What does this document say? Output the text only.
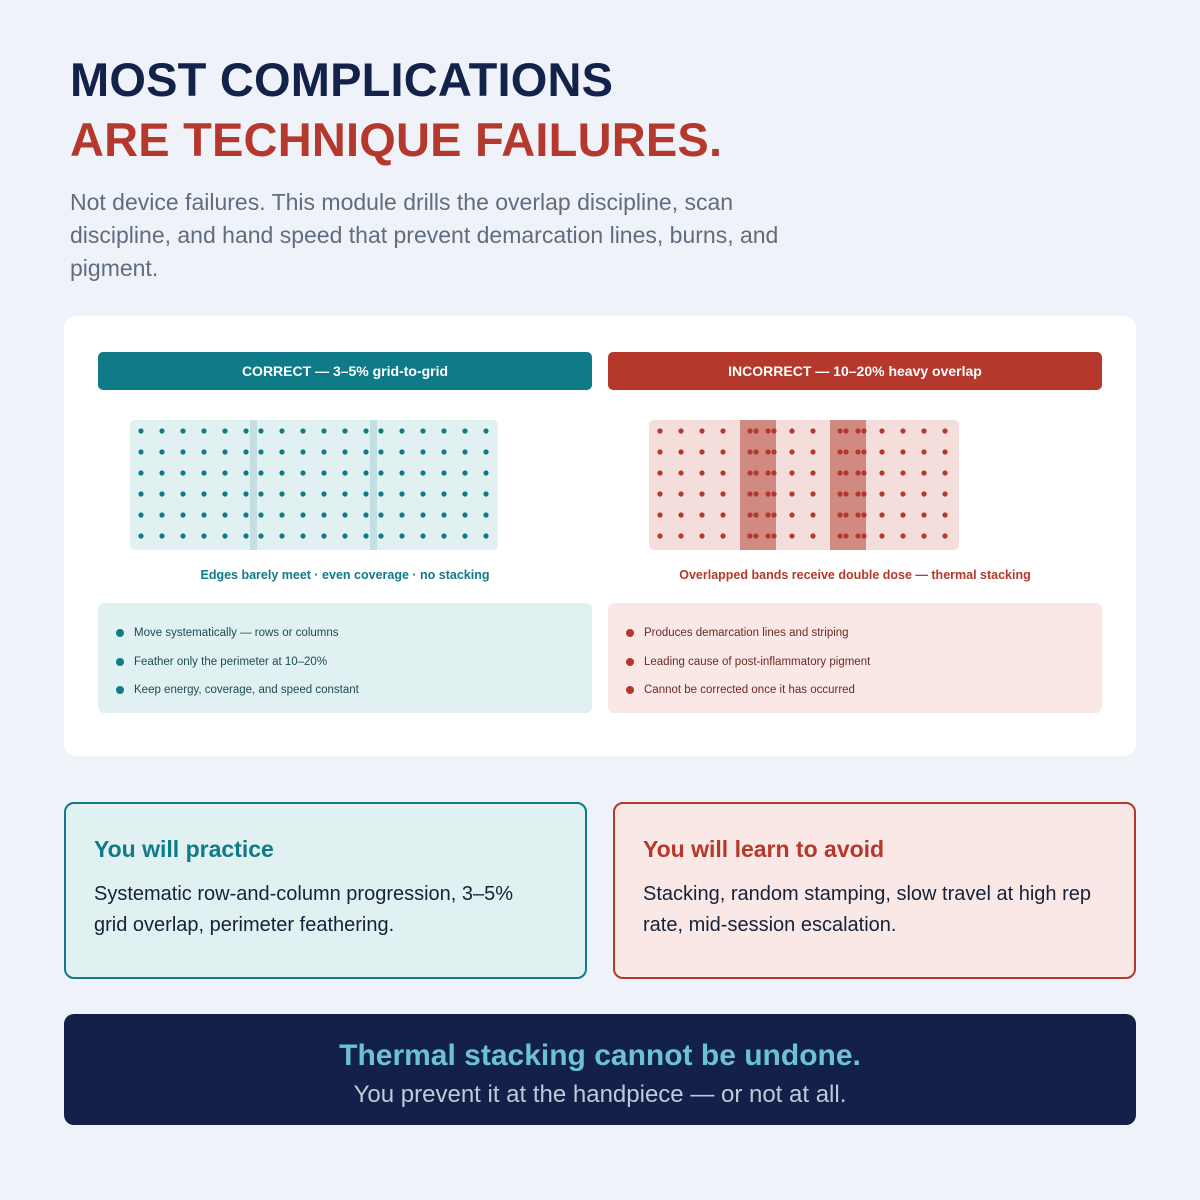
MOST COMPLICATIONS
ARE TECHNIQUE FAILURES.
Not device failures. This module drills the overlap discipline, scan discipline, and hand speed that prevent demarcation lines, burns, and pigment.
CORRECT — 3–5% grid-to-grid	INCORRECT — 10–20% heavy overlap
Edges barely meet · even coverage · no stacking	Overlapped bands receive double dose — thermal stacking
Move systematically — rows or columns
Feather only the perimeter at 10–20%
Keep energy, coverage, and speed constant
Produces demarcation lines and striping
Leading cause of post-inflammatory pigment
Cannot be corrected once it has occurred
You will practice

Systematic row-and-column progression, 3–5% grid overlap, perimeter feathering.

You will learn to avoid

Stacking, random stamping, slow travel at high rep rate, mid-session escalation.

Thermal stacking cannot be undone.
You prevent it at the handpiece — or not at all.
